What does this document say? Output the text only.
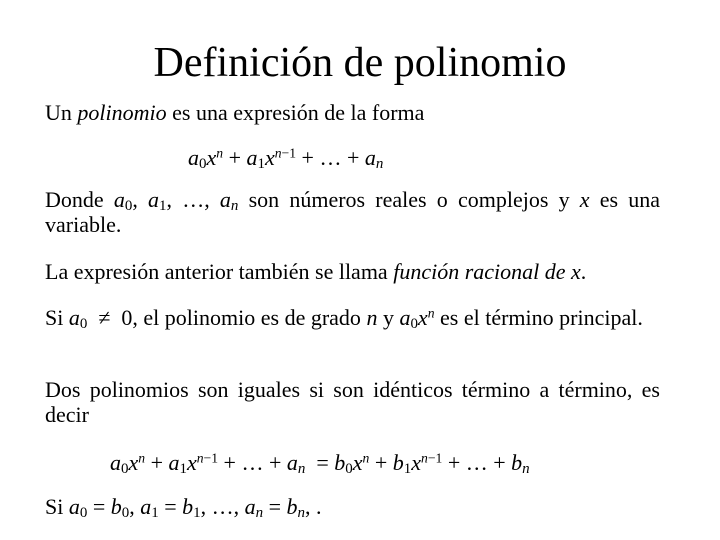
Definición de polinomio
Un polinomio es una expresión de la forma
$a_0x^n + a_1x^{n-1}$ + … + $a_n$
Donde $a_0$, $a_1$, …, $a_n$ son números reales o complejos y x es una variable.
La expresión anterior también se llama función racional de x.
Si $a_0 \ne 0$, el polinomio es de grado n y $a_0x^n$ es el término principal.
Dos polinomios son iguales si son idénticos término a término, es decir
$a_0x^n + a_1x^{n-1}$ + … + $a_n = b_0x^n + b_1x^{n-1}$ + … + $b_n$
Si $a_0 = b_0$, $a_1 = b_1$, …, $a_n = b_n$, .
